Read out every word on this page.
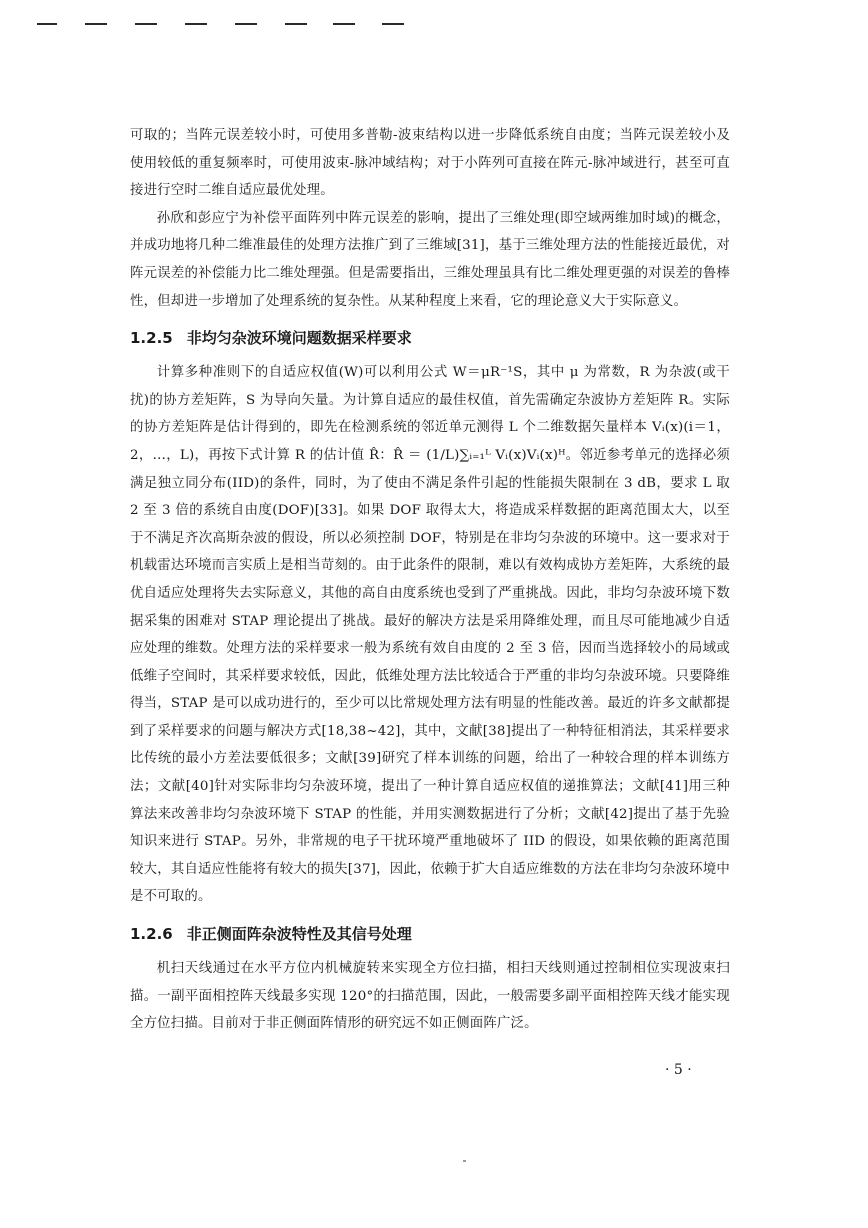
可取的；当阵元误差较小时，可使用多普勒-波束结构以进一步降低系统自由度；当阵元误差较小及使用较低的重复频率时，可使用波束-脉冲域结构；对于小阵列可直接在阵元-脉冲域进行，甚至可直接进行空时二维自适应最优处理。

孙欣和彭应宁为补偿平面阵列中阵元误差的影响，提出了三维处理(即空域两维加时域)的概念，并成功地将几种二维准最佳的处理方法推广到了三维域[31]，基于三维处理方法的性能接近最优，对阵元误差的补偿能力比二维处理强。但是需要指出，三维处理虽具有比二维处理更强的对误差的鲁棒性，但却进一步增加了处理系统的复杂性。从某种程度上来看，它的理论意义大于实际意义。

1.2.5 非均匀杂波环境问题数据采样要求

计算多种准则下的自适应权值(W)可以利用公式 W＝μR⁻¹S，其中 μ 为常数，R 为杂波(或干扰)的协方差矩阵，S 为导向矢量。为计算自适应的最佳权值，首先需确定杂波协方差矩阵 R。实际的协方差矩阵是估计得到的，即先在检测系统的邻近单元测得 L 个二维数据矢量样本 Vᵢ(x)(i＝1，2，…，L)，再按下式计算 R 的估计值 R̂：R̂ ＝ (1/L)∑ᵢ₌₁ᴸ Vᵢ(x)Vᵢ(x)ᴴ。邻近参考单元的选择必须满足独立同分布(IID)的条件，同时，为了使由不满足条件引起的性能损失限制在 3 dB，要求 L 取 2 至 3 倍的系统自由度(DOF)[33]。如果 DOF 取得太大，将造成采样数据的距离范围太大，以至于不满足齐次高斯杂波的假设，所以必须控制 DOF，特别是在非均匀杂波的环境中。这一要求对于机载雷达环境而言实质上是相当苛刻的。由于此条件的限制，难以有效构成协方差矩阵，大系统的最优自适应处理将失去实际意义，其他的高自由度系统也受到了严重挑战。因此，非均匀杂波环境下数据采集的困难对 STAP 理论提出了挑战。最好的解决方法是采用降维处理，而且尽可能地减少自适应处理的维数。处理方法的采样要求一般为系统有效自由度的 2 至 3 倍，因而当选择较小的局域或低维子空间时，其采样要求较低，因此，低维处理方法比较适合于严重的非均匀杂波环境。只要降维得当，STAP 是可以成功进行的，至少可以比常规处理方法有明显的性能改善。最近的许多文献都提到了采样要求的问题与解决方式[18,38~42]，其中，文献[38]提出了一种特征相消法，其采样要求比传统的最小方差法要低很多；文献[39]研究了样本训练的问题，给出了一种较合理的样本训练方法；文献[40]针对实际非均匀杂波环境，提出了一种计算自适应权值的递推算法；文献[41]用三种算法来改善非均匀杂波环境下 STAP 的性能，并用实测数据进行了分析；文献[42]提出了基于先验知识来进行 STAP。另外，非常规的电子干扰环境严重地破坏了 IID 的假设，如果依赖的距离范围较大，其自适应性能将有较大的损失[37]，因此，依赖于扩大自适应维数的方法在非均匀杂波环境中是不可取的。

1.2.6 非正侧面阵杂波特性及其信号处理

机扫天线通过在水平方位内机械旋转来实现全方位扫描，相扫天线则通过控制相位实现波束扫描。一副平面相控阵天线最多实现 120°的扫描范围，因此，一般需要多副平面相控阵天线才能实现全方位扫描。目前对于非正侧面阵情形的研究远不如正侧面阵广泛。

· 5 ·
